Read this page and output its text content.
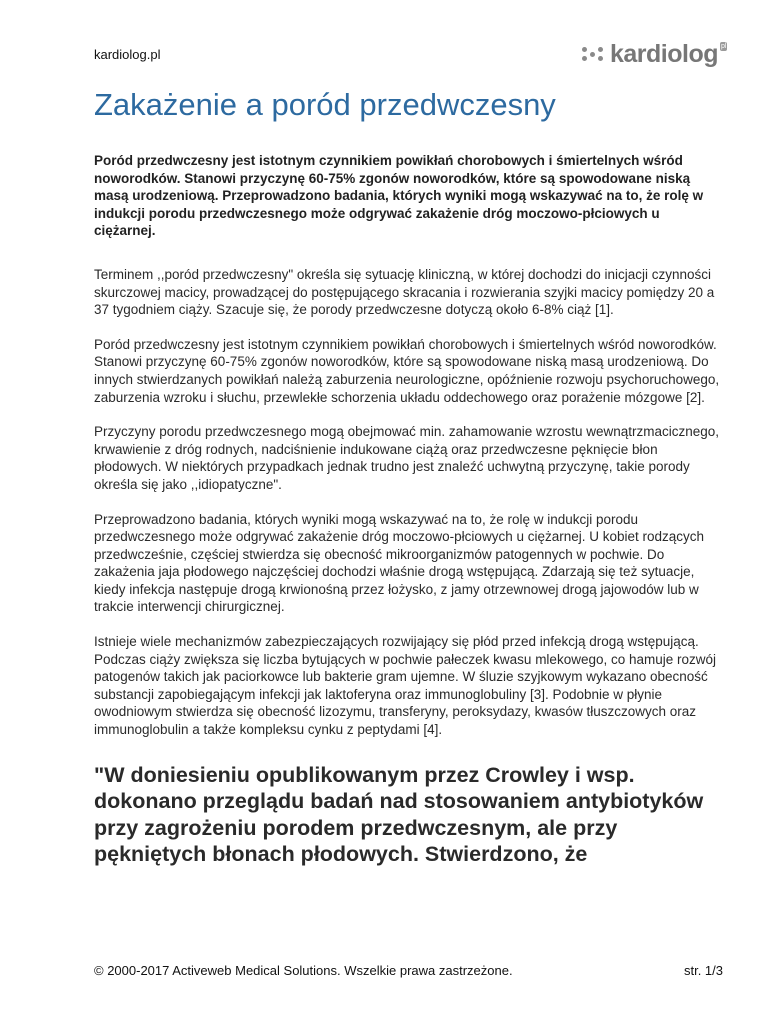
kardiolog.pl	kardiolog pl
Zakażenie a poród przedwczesny

Poród przedwczesny jest istotnym czynnikiem powikłań chorobowych i śmiertelnych wśród noworodków. Stanowi przyczynę 60-75% zgonów noworodków, które są spowodowane niską masą urodzeniową. Przeprowadzono badania, których wyniki mogą wskazywać na to, że rolę w indukcji porodu przedwczesnego może odgrywać zakażenie dróg moczowo-płciowych u ciężarnej.

Terminem ,,poród przedwczesny" określa się sytuację kliniczną, w której dochodzi do inicjacji czynności skurczowej macicy, prowadzącej do postępującego skracania i rozwierania szyjki macicy pomiędzy 20 a 37 tygodniem ciąży. Szacuje się, że porody przedwczesne dotyczą około 6-8% ciąż [1].

Poród przedwczesny jest istotnym czynnikiem powikłań chorobowych i śmiertelnych wśród noworodków. Stanowi przyczynę 60-75% zgonów noworodków, które są spowodowane niską masą urodzeniową. Do innych stwierdzanych powikłań należą zaburzenia neurologiczne, opóźnienie rozwoju psychoruchowego, zaburzenia wzroku i słuchu, przewlekłe schorzenia układu oddechowego oraz porażenie mózgowe [2].

Przyczyny porodu przedwczesnego mogą obejmować min. zahamowanie wzrostu wewnątrzmacicznego, krwawienie z dróg rodnych, nadciśnienie indukowane ciążą oraz przedwczesne pęknięcie błon płodowych. W niektórych przypadkach jednak trudno jest znaleźć uchwytną przyczynę, takie porody określa się jako ,,idiopatyczne".

Przeprowadzono badania, których wyniki mogą wskazywać na to, że rolę w indukcji porodu przedwczesnego może odgrywać zakażenie dróg moczowo-płciowych u ciężarnej. U kobiet rodzących przedwcześnie, częściej stwierdza się obecność mikroorganizmów patogennych w pochwie. Do zakażenia jaja płodowego najczęściej dochodzi właśnie drogą wstępującą. Zdarzają się też sytuacje, kiedy infekcja następuje drogą krwionośną przez łożysko, z jamy otrzewnowej drogą jajowodów lub w trakcie interwencji chirurgicznej.

Istnieje wiele mechanizmów zabezpieczających rozwijający się płód przed infekcją drogą wstępującą. Podczas ciąży zwiększa się liczba bytujących w pochwie pałeczek kwasu mlekowego, co hamuje rozwój patogenów takich jak paciorkowce lub bakterie gram ujemne. W śluzie szyjkowym wykazano obecność substancji zapobiegającym infekcji jak laktoferyna oraz immunoglobuliny [3]. Podobnie w płynie owodniowym stwierdza się obecność lizozymu, transferyny, peroksydazy, kwasów tłuszczowych oraz immunoglobulin a także kompleksu cynku z peptydami [4].

"W doniesieniu opublikowanym przez Crowley i wsp. dokonano przeglądu badań nad stosowaniem antybiotyków przy zagrożeniu porodem przedwczesnym, ale przy pękniętych błonach płodowych. Stwierdzono, że

© 2000-2017 Activeweb Medical Solutions. Wszelkie prawa zastrzeżone.	str. 1/3
